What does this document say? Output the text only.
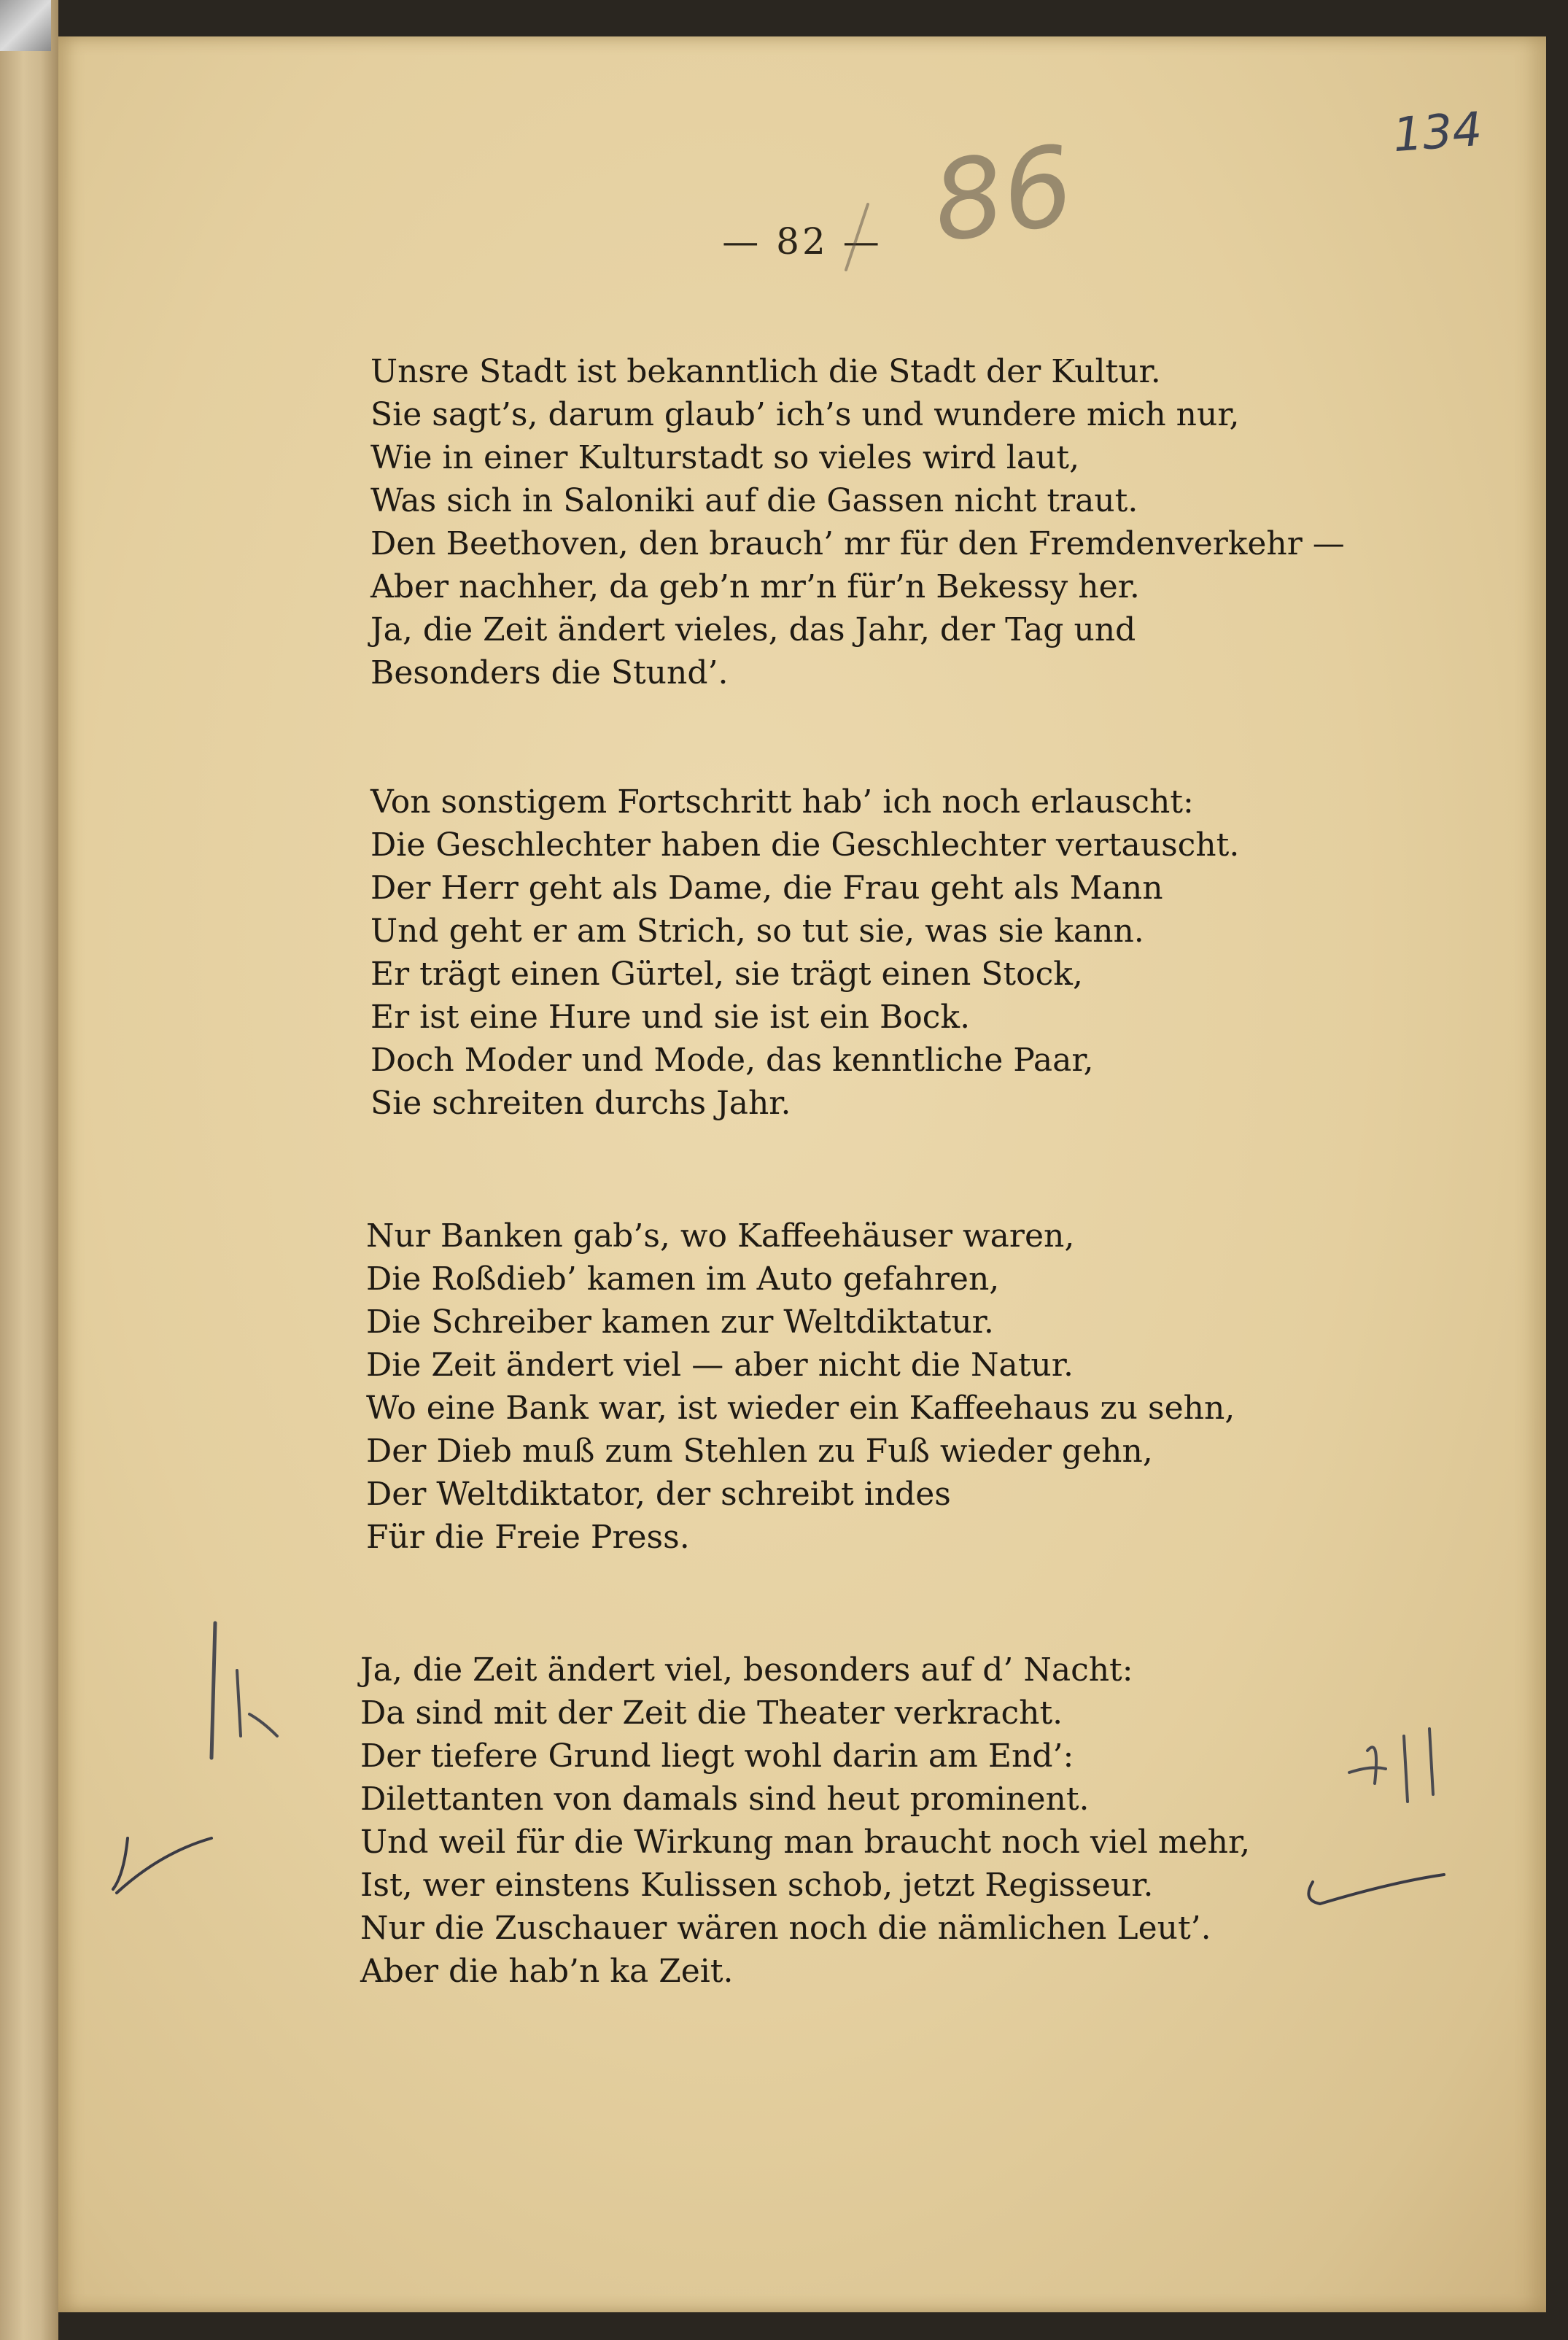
134
86
— 82 —
Unsre Stadt ist bekanntlich die Stadt der Kultur.
Sie sagt’s, darum glaub’ ich’s und wundere mich nur,
Wie in einer Kulturstadt so vieles wird laut,
Was sich in Saloniki auf die Gassen nicht traut.
Den Beethoven, den brauch’ mr für den Fremdenverkehr —
Aber nachher, da geb’n mr’n für’n Bekessy her.
Ja, die Zeit ändert vieles, das Jahr, der Tag und
Besonders die Stund’.
Von sonstigem Fortschritt hab’ ich noch erlauscht:
Die Geschlechter haben die Geschlechter vertauscht.
Der Herr geht als Dame, die Frau geht als Mann
Und geht er am Strich, so tut sie, was sie kann.
Er trägt einen Gürtel, sie trägt einen Stock,
Er ist eine Hure und sie ist ein Bock.
Doch Moder und Mode, das kenntliche Paar,
Sie schreiten durchs Jahr.
Nur Banken gab’s, wo Kaffeehäuser waren,
Die Roßdieb’ kamen im Auto gefahren,
Die Schreiber kamen zur Weltdiktatur.
Die Zeit ändert viel — aber nicht die Natur.
Wo eine Bank war, ist wieder ein Kaffeehaus zu sehn,
Der Dieb muß zum Stehlen zu Fuß wieder gehn,
Der Weltdiktator, der schreibt indes
Für die Freie Press.
Ja, die Zeit ändert viel, besonders auf d’ Nacht:
Da sind mit der Zeit die Theater verkracht.
Der tiefere Grund liegt wohl darin am End’:
Dilettanten von damals sind heut prominent.
Und weil für die Wirkung man braucht noch viel mehr,
Ist, wer einstens Kulissen schob, jetzt Regisseur.
Nur die Zuschauer wären noch die nämlichen Leut’.
Aber die hab’n ka Zeit.
